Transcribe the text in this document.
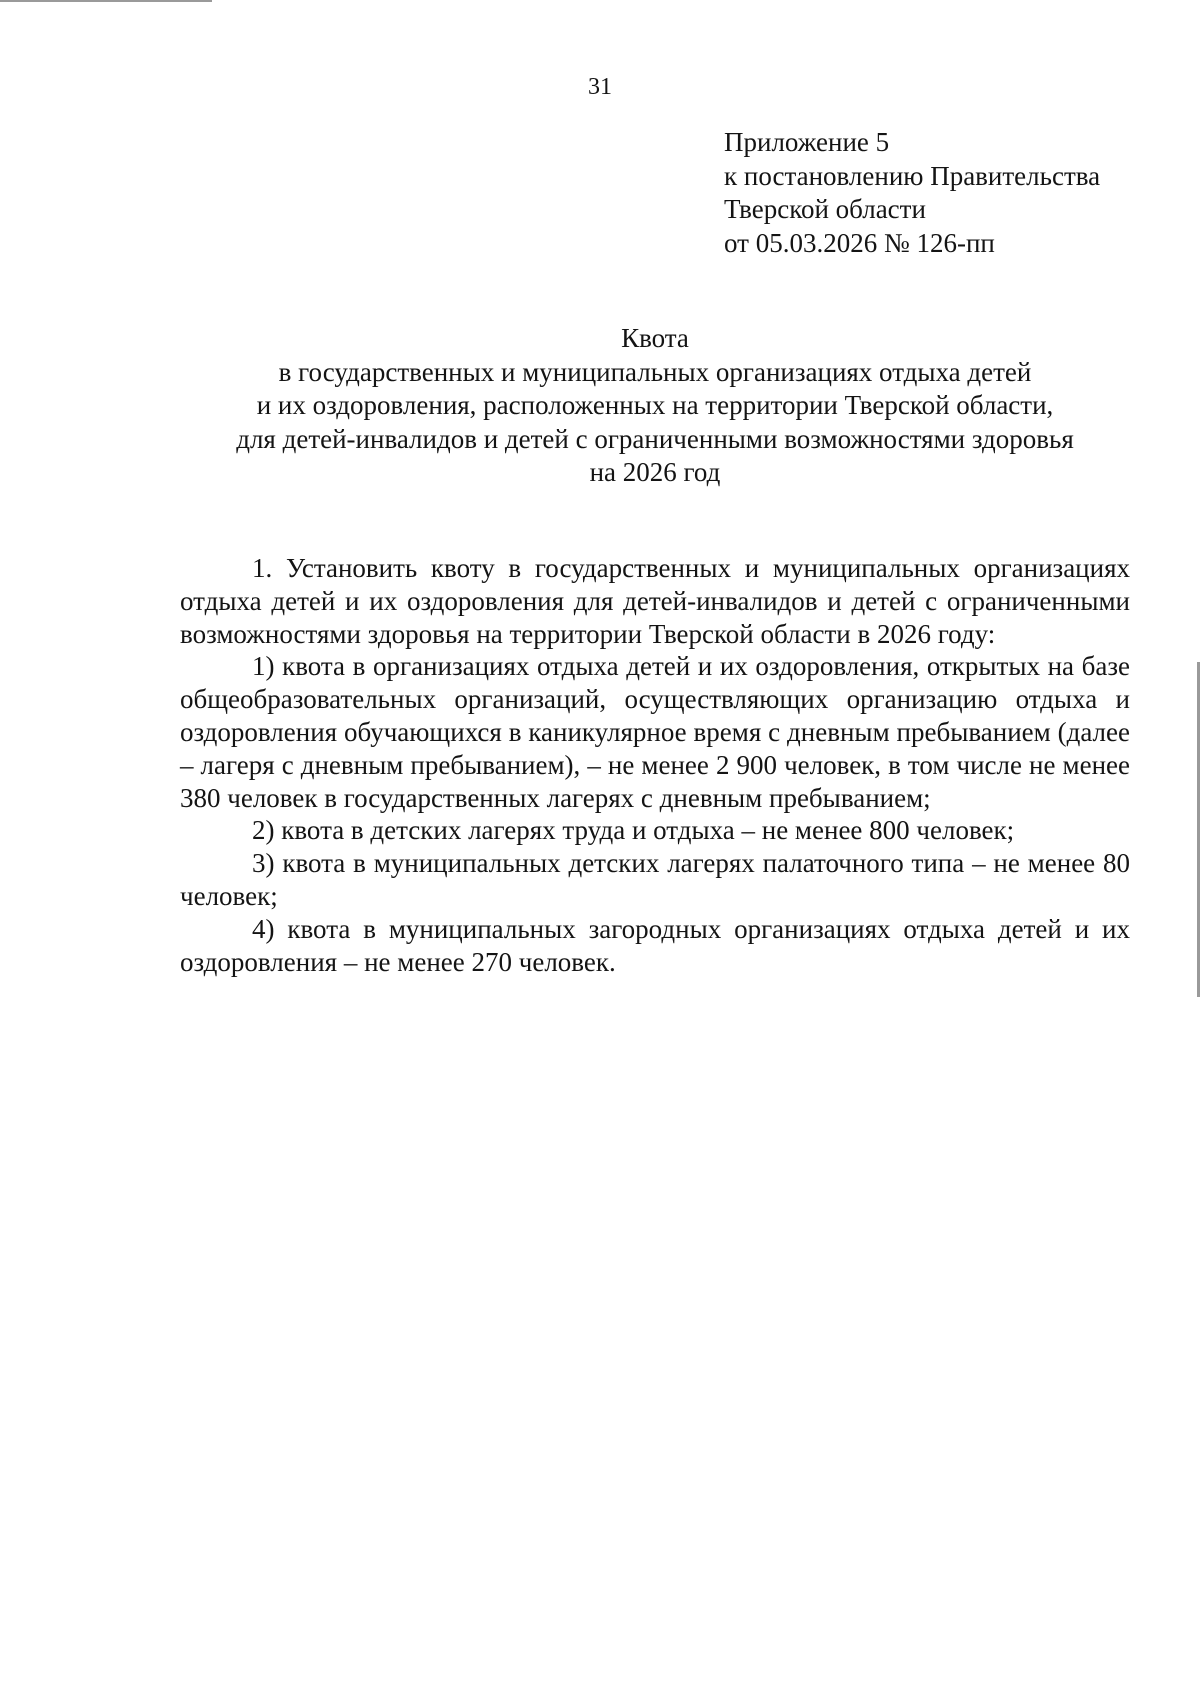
31
Приложение 5
к постановлению Правительства
Тверской области
от 05.03.2026 № 126-пп
Квота
в государственных и муниципальных организациях отдыха детей
и их оздоровления, расположенных на территории Тверской области,
для детей-инвалидов и детей с ограниченными возможностями здоровья
на 2026 год

1. Установить квоту в государственных и муниципальных организациях отдыха детей и их оздоровления для детей-инвалидов и детей с ограниченными возможностями здоровья на территории Тверской области в 2026 году:

1) квота в организациях отдыха детей и их оздоровления, открытых на базе общеобразовательных организаций, осуществляющих организацию отдыха и оздоровления обучающихся в каникулярное время с дневным пребыванием (далее – лагеря с дневным пребыванием), – не менее 2 900 человек, в том числе не менее 380 человек в государственных лагерях с дневным пребыванием;

2) квота в детских лагерях труда и отдыха – не менее 800 человек;

3) квота в муниципальных детских лагерях палаточного типа – не менее 80 человек;

4) квота в муниципальных загородных организациях отдыха детей и их оздоровления – не менее 270 человек.
